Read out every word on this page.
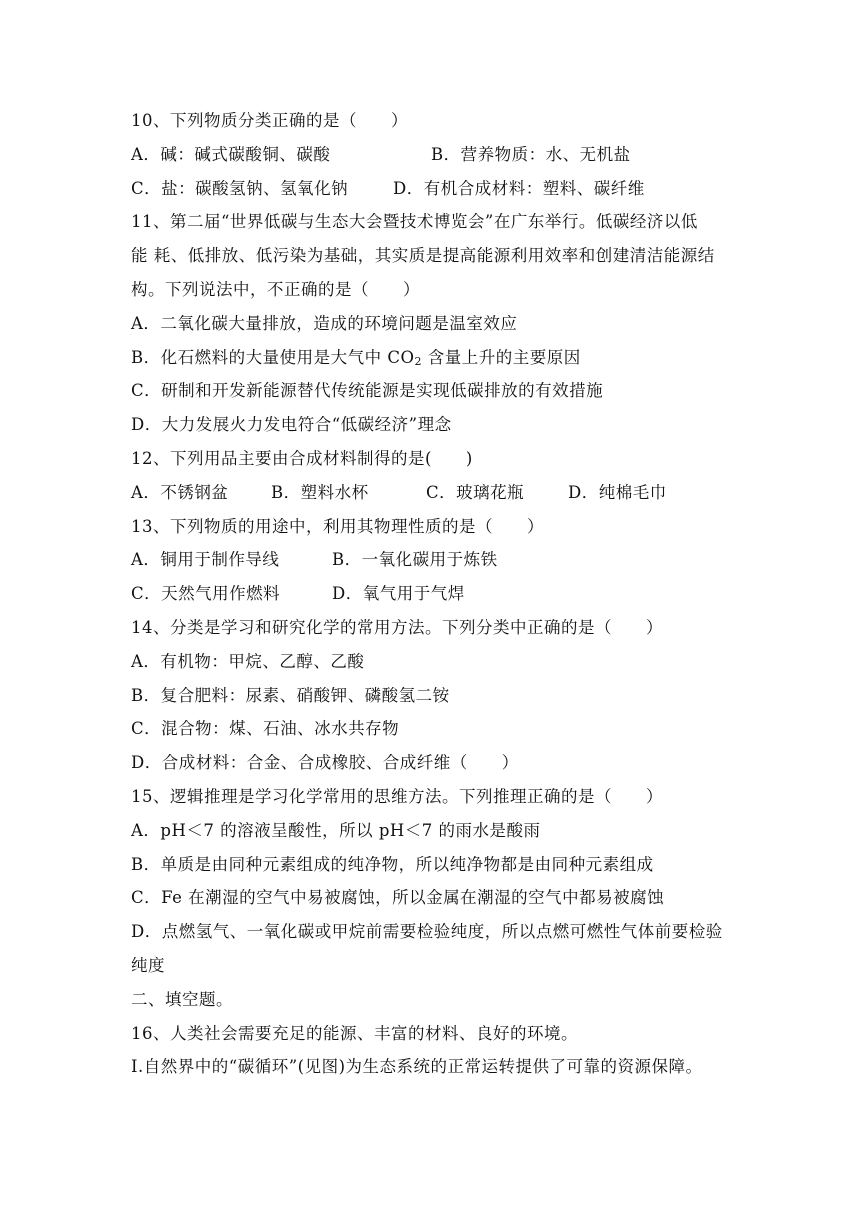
10、下列物质分类正确的是（　　）
A．碱：碱式碳酸铜、碳酸	B．营养物质：水、无机盐
C．盐：碳酸氢钠、氢氧化钠	D．有机合成材料：塑料、碳纤维
11、第二届“世界低碳与生态大会暨技术博览会”在广东举行。低碳经济以低
能 耗、低排放、低污染为基础，其实质是提高能源利用效率和创建清洁能源结
构。下列说法中，不正确的是（　　）
A．二氧化碳大量排放，造成的环境问题是温室效应
B．化石燃料的大量使用是大气中 $CO_2$ 含量上升的主要原因
C．研制和开发新能源替代传统能源是实现低碳排放的有效措施
D．大力发展火力发电符合“低碳经济”理念
12、下列用品主要由合成材料制得的是(　　)
A．不锈钢盆	B．塑料水杯	C．玻璃花瓶	D．纯棉毛巾
13、下列物质的用途中，利用其物理性质的是（　　）
A．铜用于制作导线	B．一氧化碳用于炼铁
C．天然气用作燃料	D．氧气用于气焊
14、分类是学习和研究化学的常用方法。下列分类中正确的是（　　）
A．有机物：甲烷、乙醇、乙酸
B．复合肥料：尿素、硝酸钾、磷酸氢二铵
C．混合物：煤、石油、冰水共存物
D．合成材料：合金、合成橡胶、合成纤维（　　）
15、逻辑推理是学习化学常用的思维方法。下列推理正确的是（　　）
A．pH＜7 的溶液呈酸性，所以 pH＜7 的雨水是酸雨
B．单质是由同种元素组成的纯净物，所以纯净物都是由同种元素组成
C．Fe 在潮湿的空气中易被腐蚀，所以金属在潮湿的空气中都易被腐蚀
D．点燃氢气、一氧化碳或甲烷前需要检验纯度，所以点燃可燃性气体前要检验
纯度
二、填空题。
16、人类社会需要充足的能源、丰富的材料、良好的环境。
Ⅰ.自然界中的“碳循环”(见图)为生态系统的正常运转提供了可靠的资源保障。
